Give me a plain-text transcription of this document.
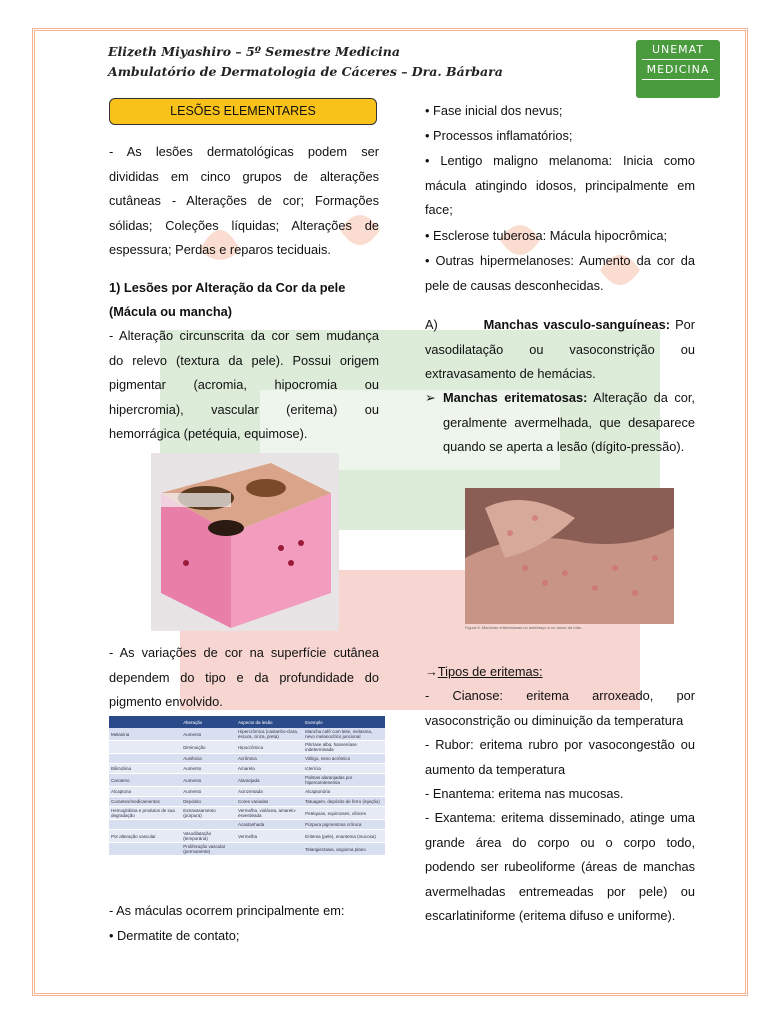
Elizeth Miyashiro – 5º Semestre Medicina
Ambulatório de Dermatologia de Cáceres – Dra. Bárbara
UNEMAT
MEDICINA
LESÕES ELEMENTARES
- As lesões dermatológicas podem ser divididas em cinco grupos de alterações cutâneas - Alterações de cor; Formações sólidas; Coleções líquidas; Alterações de espessura; Perdas e reparos teciduais.
1) Lesões por Alteração da Cor da pele
(Mácula ou mancha)
- Alteração circunscrita da cor sem mudança do relevo (textura da pele). Possui origem pigmentar (acromia, hipocromia ou hipercromia), vascular (eritema) ou hemorrágica (petéquia, equimose).
- As variações de cor na superfície cutânea dependem do tipo e da profundidade do pigmento envolvido.
	Alteração	Aspecto da lesão	Exemplo
Melanina	Aumento	Hipercrômica (castanho-clara, escura, cinza, preta)	Mancha café com leite, melasma, nevo melanocítico juncional
	Diminuição	Hipocrômica	Pitiríase alba, hanseníase indeterminada
	Ausência	Acrômica	Vitiligo, nevo acrômico
Bilirrubina	Aumento	Amarela	Icterícia
Caroteno	Aumento	Alaranjada	Palmas alaranjadas por hipercarotenemia
Alcaptona	Aumento	Acinzentada	Alcaptonúria
Corantes/medicamentos	Depósito	Cores variadas	Tatuagem, depósito de ferro (injeção)
Hemoglobina e produtos de sua degradação	Extravasamento (púrpura)	Vermelha, violácea, amarelo-esverdeada	Petéquias, equimoses, víbices
		Acastanhada	Púrpura pigmentosa crônica
Por alteração vascular	Vasodilatação (temporária)	Vermelha	Eritema (pele), enantema (mucosa)
	Proliferação vascular (permanente)		Telangiectasia, angioma plano
- As máculas ocorrem principalmente em:
• Dermatite de contato;
• Fase inicial dos nevus;
• Processos inflamatórios;
• Lentigo maligno melanoma: Inicia como mácula atingindo idosos, principalmente em face;
• Esclerose tuberosa: Mácula hipocrômica;
• Outras hipermelanoses: Aumento da cor da pele de causas desconhecidas.
A)	Manchas vasculo-sanguíneas: Por vasodilatação ou vasoconstrição ou extravasamento de hemácias.
➢ Manchas eritematosas: Alteração da cor, geralmente avermelhada, que desaparece quando se aperta a lesão (dígito-pressão).
Figura 6. Manchas eritematosas no antebraço e no dorso da mão.
→Tipos de eritemas:
- Cianose: eritema arroxeado, por vasoconstrição ou diminuição da temperatura
- Rubor: eritema rubro por vasocongestão ou aumento da temperatura
- Enantema: eritema nas mucosas.
- Exantema: eritema disseminado, atinge uma grande área do corpo ou o corpo todo, podendo ser rubeoliforme (áreas de manchas avermelhadas entremeadas por pele) ou escarlatiniforme (eritema difuso e uniforme).
